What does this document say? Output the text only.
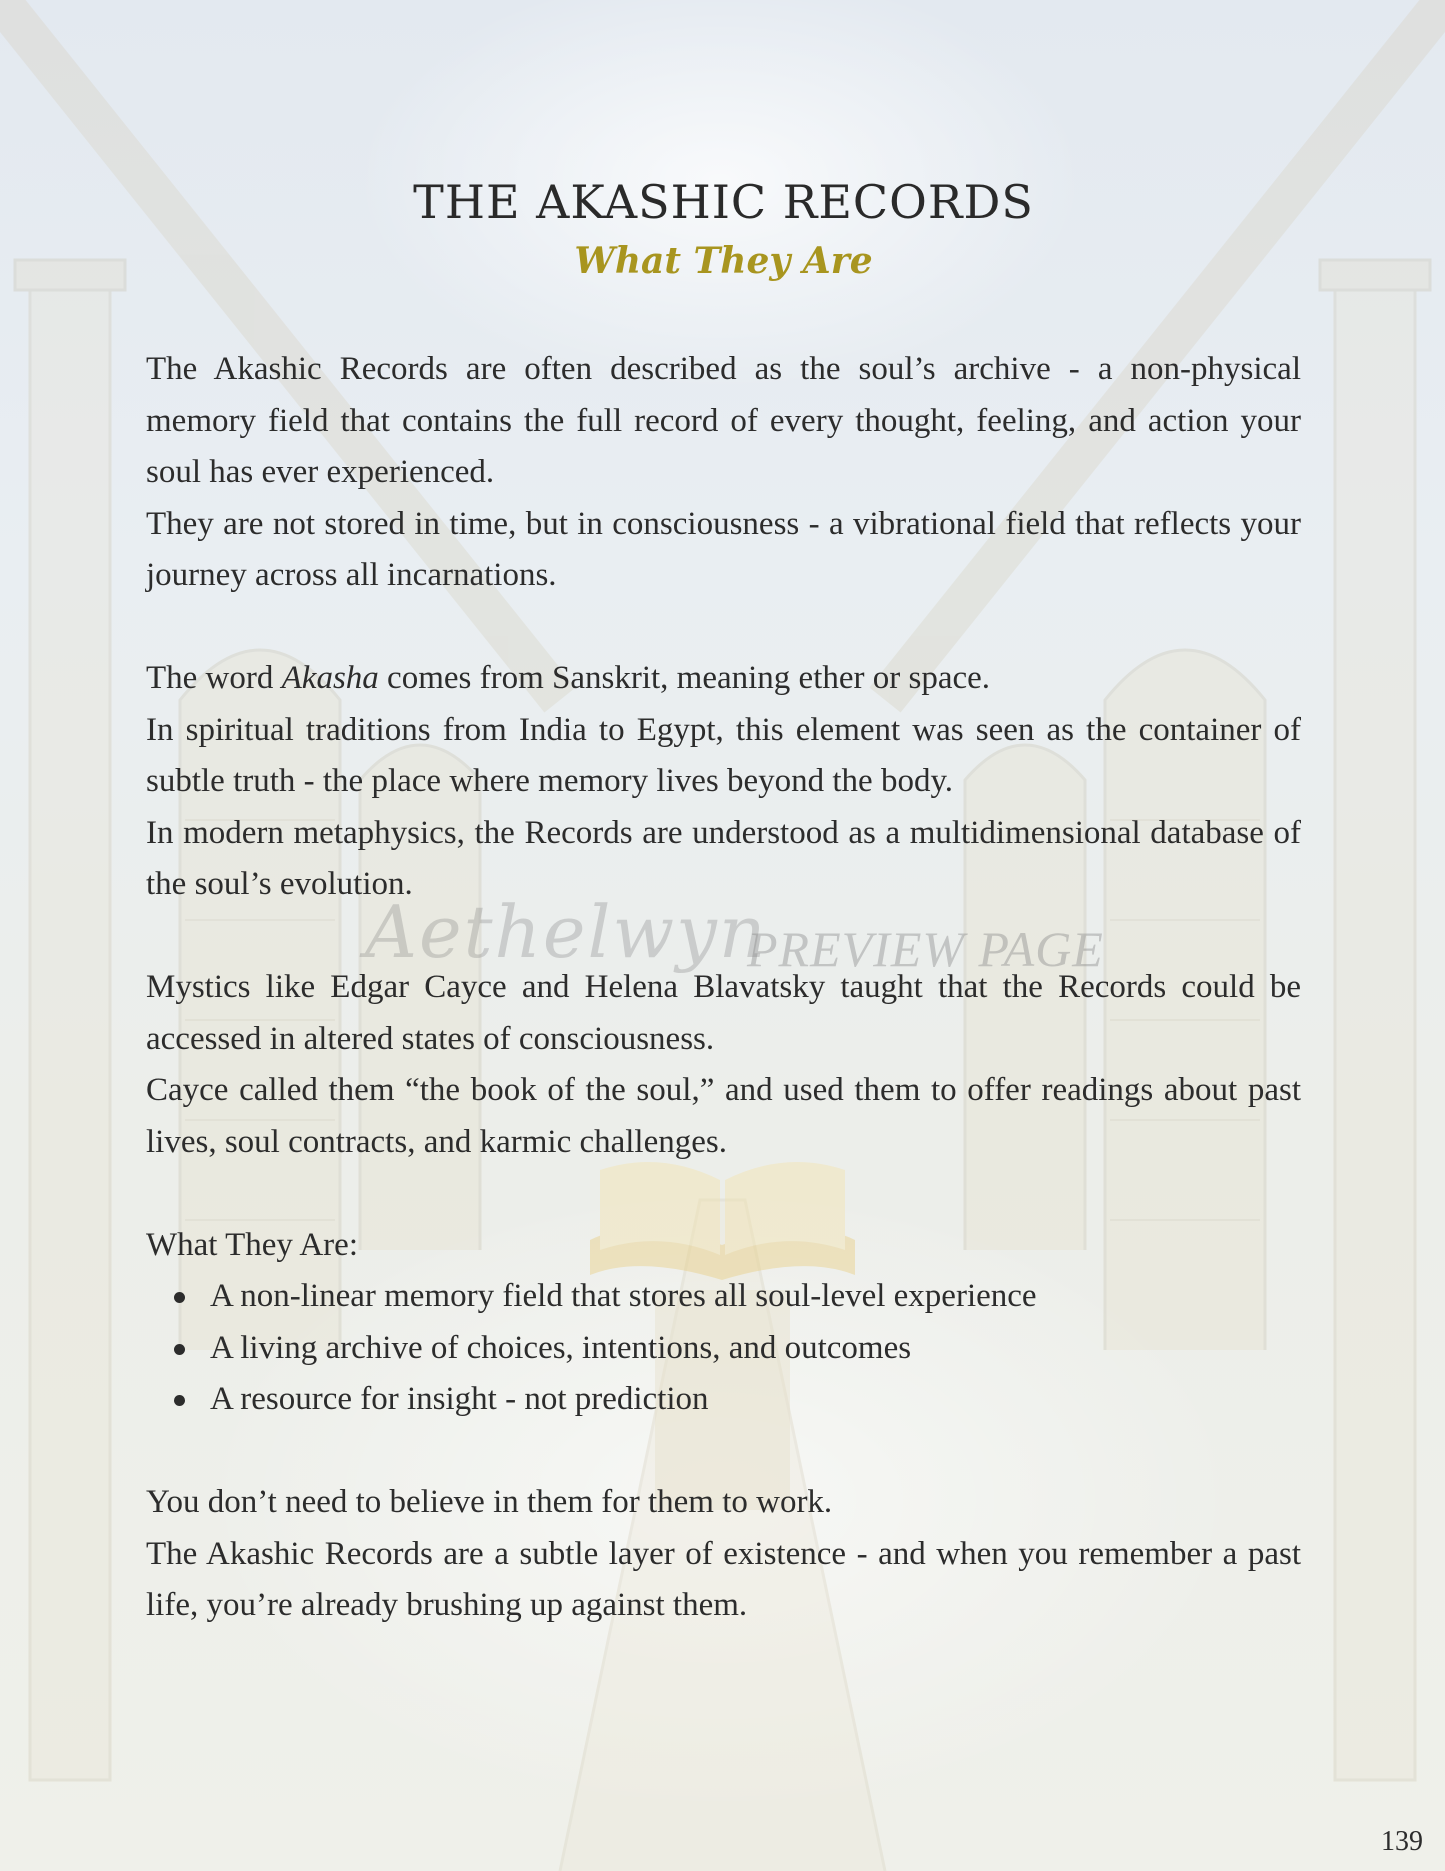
THE AKASHIC RECORDS
What They Are

The Akashic Records are often described as the soul’s archive - a non-physical memory field that contains the full record of every thought, feeling, and action your soul has ever experienced.

They are not stored in time, but in consciousness - a vibrational field that reflects your journey across all incarnations.

The word Akasha comes from Sanskrit, meaning ether or space.

In spiritual traditions from India to Egypt, this element was seen as the container of subtle truth - the place where memory lives beyond the body.

In modern metaphysics, the Records are understood as a multidimensional database of the soul’s evolution.

Mystics like Edgar Cayce and Helena Blavatsky taught that the Records could be accessed in altered states of consciousness.

Cayce called them “the book of the soul,” and used them to offer readings about past lives, soul contracts, and karmic challenges.

What They Are:

A non-linear memory field that stores all soul-level experience
A living archive of choices, intentions, and outcomes
A resource for insight - not prediction

You don’t need to believe in them for them to work.

The Akashic Records are a subtle layer of existence - and when you remember a past life, you’re already brushing up against them.

Aethelwyn
PREVIEW PAGE
139
